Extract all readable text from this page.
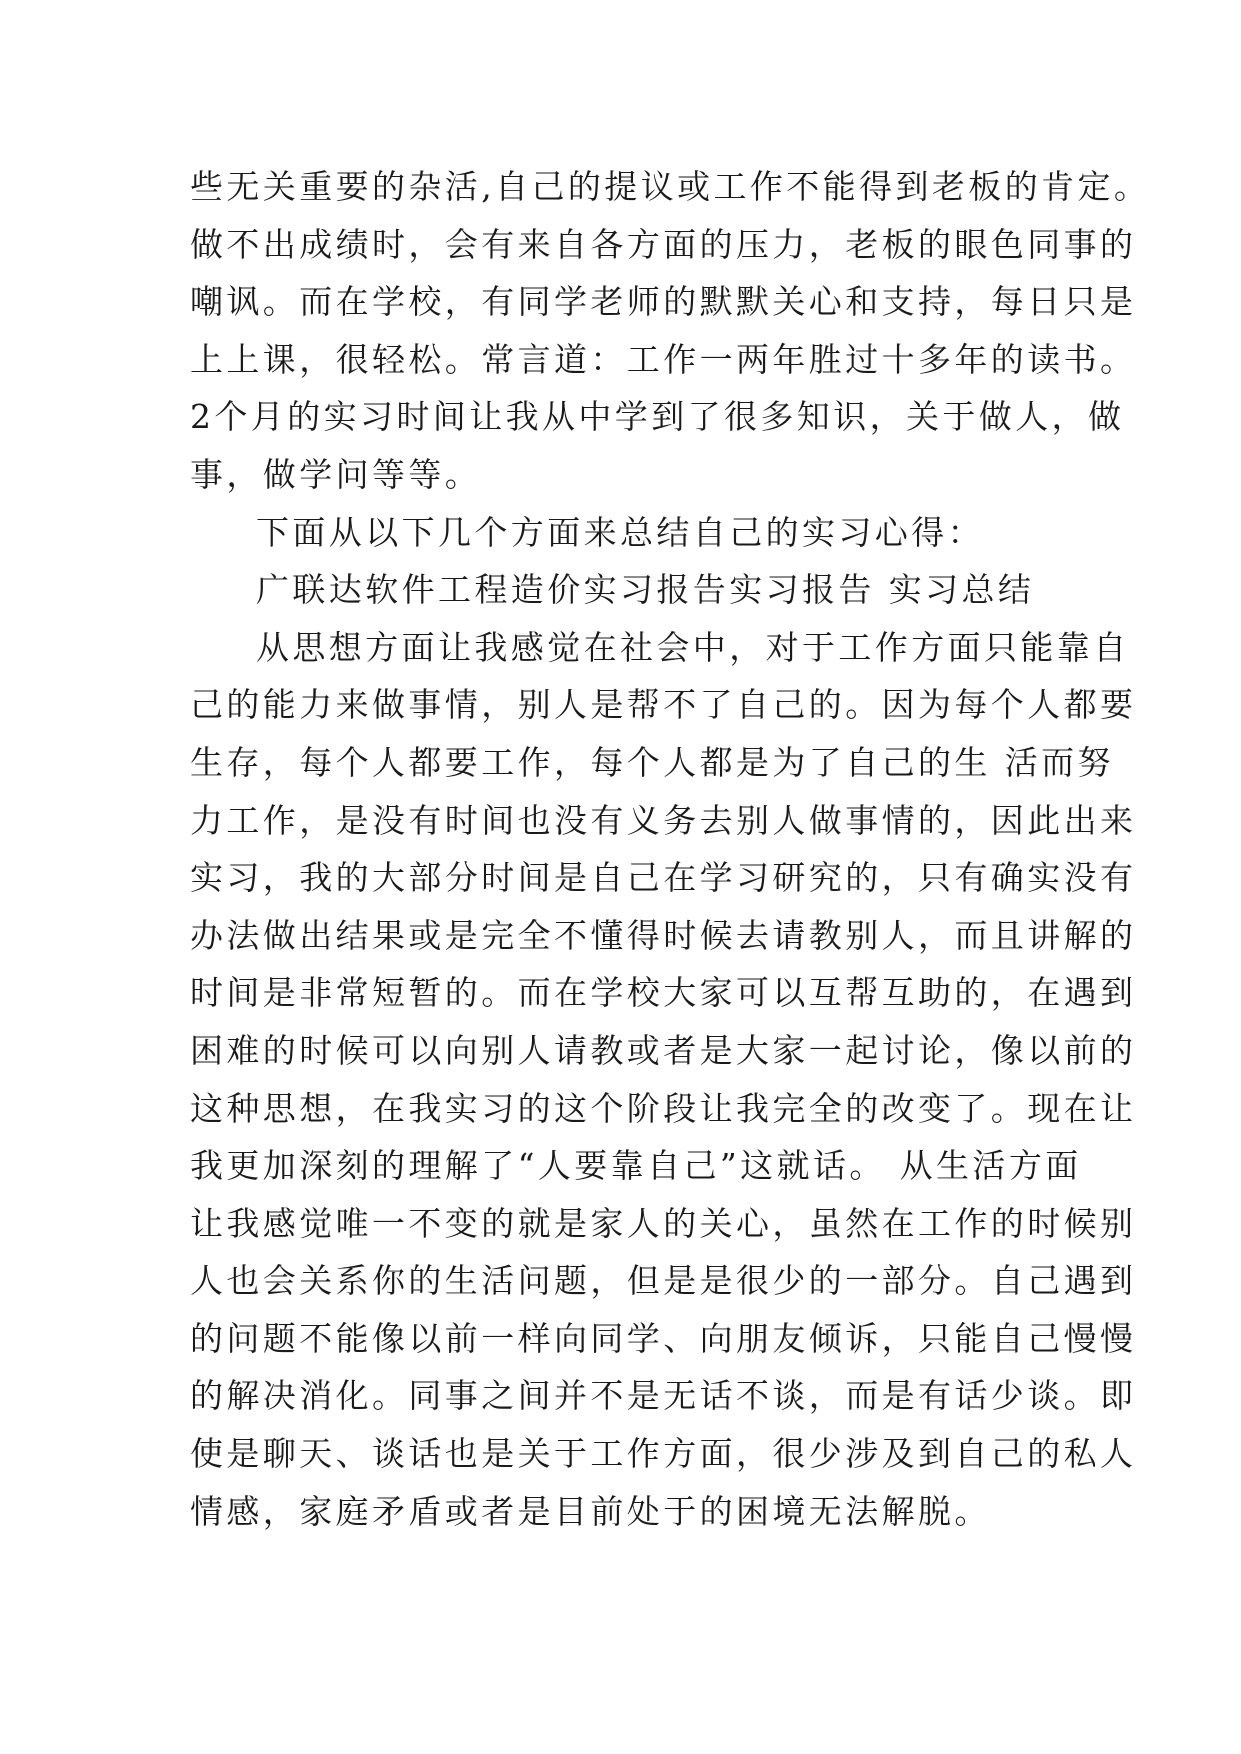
些无关重要的杂活,自己的提议或工作不能得到老板的肯定。
做不出成绩时，会有来自各方面的压力，老板的眼色同事的
嘲讽。而在学校，有同学老师的默默关心和支持，每日只是
上上课，很轻松。常言道：工作一两年胜过十多年的读书。
2个月的实习时间让我从中学到了很多知识，关于做人，做
事，做学问等等。
下面从以下几个方面来总结自己的实习心得：
广联达软件工程造价实习报告实习报告 实习总结
从思想方面让我感觉在社会中，对于工作方面只能靠自
己的能力来做事情，别人是帮不了自己的。因为每个人都要
生存，每个人都要工作，每个人都是为了自己的生 活而努
力工作，是没有时间也没有义务去别人做事情的，因此出来
实习，我的大部分时间是自己在学习研究的，只有确实没有
办法做出结果或是完全不懂得时候去请教别人，而且讲解的
时间是非常短暂的。而在学校大家可以互帮互助的，在遇到
困难的时候可以向别人请教或者是大家一起讨论，像以前的
这种思想，在我实习的这个阶段让我完全的改变了。现在让
我更加深刻的理解了“人要靠自己”这就话。 从生活方面
让我感觉唯一不变的就是家人的关心，虽然在工作的时候别
人也会关系你的生活问题，但是是很少的一部分。自己遇到
的问题不能像以前一样向同学、向朋友倾诉，只能自己慢慢
的解决消化。同事之间并不是无话不谈，而是有话少谈。即
使是聊天、谈话也是关于工作方面，很少涉及到自己的私人
情感，家庭矛盾或者是目前处于的困境无法解脱。
